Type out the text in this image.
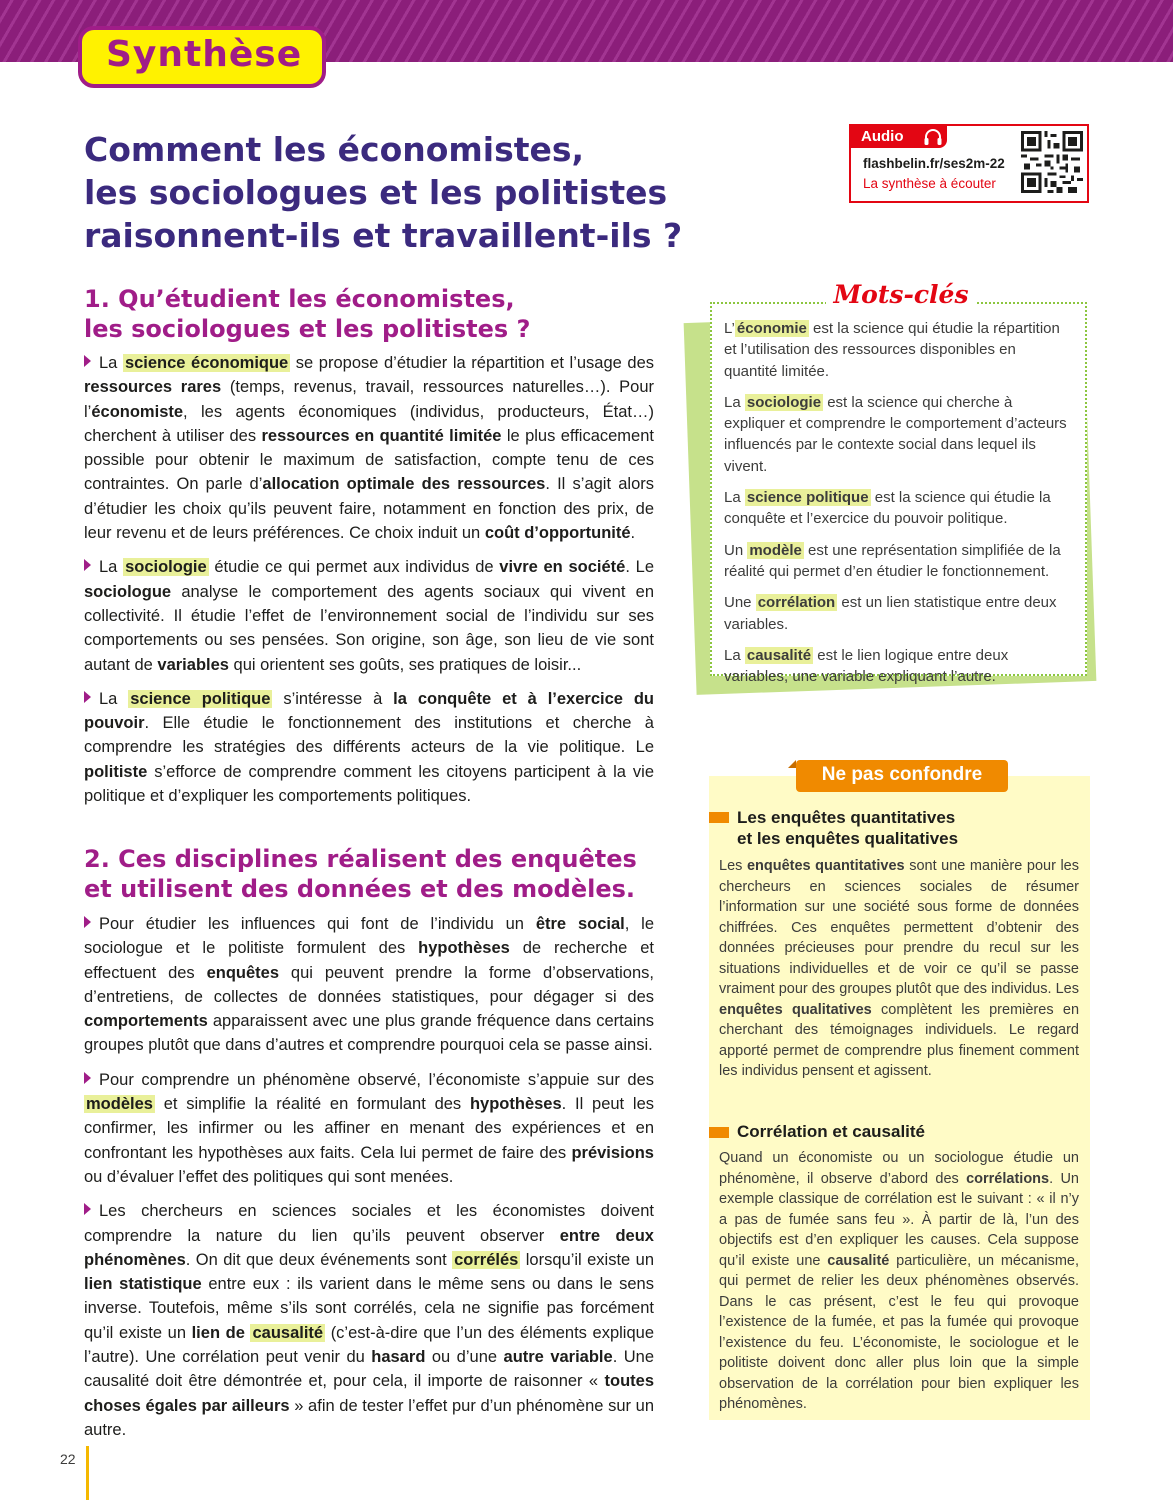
Synthèse
Comment les économistes,
les sociologues et les politistes
raisonnent-ils et travaillent-ils ?
Audio
flashbelin.fr/ses2m-22
La synthèse à écouter
1. Qu’étudient les économistes,
les sociologues et les politistes ?

La science économique se propose d’étudier la répartition et l’usage des ressources rares (temps, revenus, travail, ressources naturelles…). Pour l’économiste, les agents économiques (individus, producteurs, État…) cherchent à utiliser des ressources en quantité limitée le plus efficacement possible pour obtenir le maximum de satisfaction, compte tenu de ces contraintes. On parle d’allocation optimale des ressources. Il s’agit alors d’étudier les choix qu’ils peuvent faire, notamment en fonction des prix, de leur revenu et de leurs préférences. Ce choix induit un coût d’opportunité.

La sociologie étudie ce qui permet aux individus de vivre en société. Le sociologue analyse le comportement des agents sociaux qui vivent en collectivité. Il étudie l’effet de l’environnement social de l’individu sur ses comportements ou ses pensées. Son origine, son âge, son lieu de vie sont autant de variables qui orientent ses goûts, ses pratiques de loisir...

La science politique s’intéresse à la conquête et à l’exercice du pouvoir. Elle étudie le fonctionnement des institutions et cherche à comprendre les stratégies des différents acteurs de la vie politique. Le politiste s’efforce de comprendre comment les citoyens participent à la vie politique et d’expliquer les comportements politiques.

2. Ces disciplines réalisent des enquêtes
et utilisent des données et des modèles.

Pour étudier les influences qui font de l’individu un être social, le sociologue et le politiste formulent des hypothèses de recherche et effectuent des enquêtes qui peuvent prendre la forme d’observations, d’entretiens, de collectes de données statistiques, pour dégager si des comportements apparaissent avec une plus grande fréquence dans certains groupes plutôt que dans d’autres et comprendre pourquoi cela se passe ainsi.

Pour comprendre un phénomène observé, l’économiste s’appuie sur des modèles et simplifie la réalité en formulant des hypothèses. Il peut les confirmer, les infirmer ou les affiner en menant des expériences et en confrontant les hypothèses aux faits. Cela lui permet de faire des prévisions ou d’évaluer l’effet des politiques qui sont menées.

Les chercheurs en sciences sociales et les économistes doivent comprendre la nature du lien qu’ils peuvent observer entre deux phénomènes. On dit que deux événements sont corrélés lorsqu’il existe un lien statistique entre eux : ils varient dans le même sens ou dans le sens inverse. Toutefois, même s’ils sont corrélés, cela ne signifie pas forcément qu’il existe un lien de causalité (c’est-à-dire que l’un des éléments explique l’autre). Une corrélation peut venir du hasard ou d’une autre variable. Une causalité doit être démontrée et, pour cela, il importe de raisonner « toutes choses égales par ailleurs » afin de tester l’effet pur d’un phénomène sur un autre.

L’ économie est la science qui étudie la répartition et l’utilisation des ressources disponibles en quantité limitée.

La sociologie est la science qui cherche à expliquer et comprendre le comportement d’acteurs influencés par le contexte social dans lequel ils vivent.

La science politique est la science qui étudie la conquête et l’exercice du pouvoir politique.

Un modèle est une représentation simplifiée de la réalité qui permet d’en étudier le fonctionnement.

Une corrélation est un lien statistique entre deux variables.

La causalité est le lien logique entre deux variables, une variable expliquant l’autre.

Mots-clés
Ne pas confondre
Les enquêtes quantitatives
et les enquêtes qualitatives

Les enquêtes quantitatives sont une manière pour les chercheurs en sciences sociales de résumer l’information sur une société sous forme de données chiffrées. Ces enquêtes permettent d’obtenir des données précieuses pour prendre du recul sur les situations individuelles et de voir ce qu’il se passe vraiment pour des groupes plutôt que des individus. Les enquêtes qualitatives complètent les premières en cherchant des témoignages individuels. Le regard apporté permet de comprendre plus finement comment les individus pensent et agissent.

Corrélation et causalité

Quand un économiste ou un sociologue étudie un phénomène, il observe d’abord des corrélations. Un exemple classique de corrélation est le suivant : « il n’y a pas de fumée sans feu ». À partir de là, l’un des objectifs est d’en expliquer les causes. Cela suppose qu’il existe une causalité particulière, un mécanisme, qui permet de relier les deux phénomènes observés. Dans le cas présent, c’est le feu qui provoque l’existence de la fumée, et pas la fumée qui provoque l’existence du feu. L’économiste, le sociologue et le politiste doivent donc aller plus loin que la simple observation de la corrélation pour bien expliquer les phénomènes.

22
